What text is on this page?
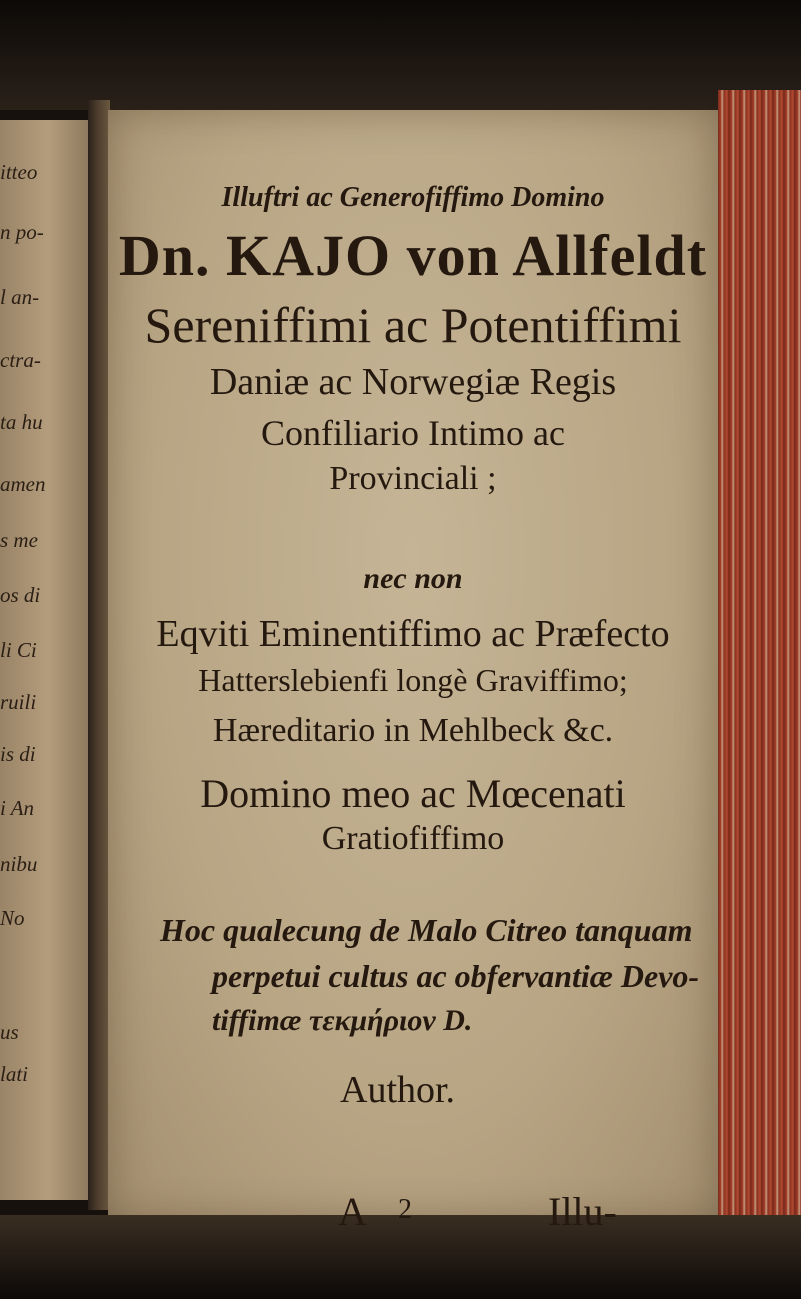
itteo
n po-
l an-
ctra-
ta hu
amen
s me
os di
li Ci
ruili
is di
i An
nibu
No
us
lati
Illuftri ac Generofiffimo Domino
Dn. KAJO von Allfeldt
Sereniffimi ac Potentiffimi
Daniæ ac Norwegiæ Regis
Confiliario Intimo ac
Provinciali ;
nec non
Eqviti Eminentiffimo ac Præfecto
Hatterslebienfi longè Graviffimo;
Hæreditario in Mehlbeck &c.
Domino meo ac Mœcenati
Gratiofiffimo
Hoc qualecung de Malo Citreo tanquam
perpetui cultus ac obfervantiæ Devo-
tiffimæ τεκμήριον D.
Author.
A 2	Illu-
